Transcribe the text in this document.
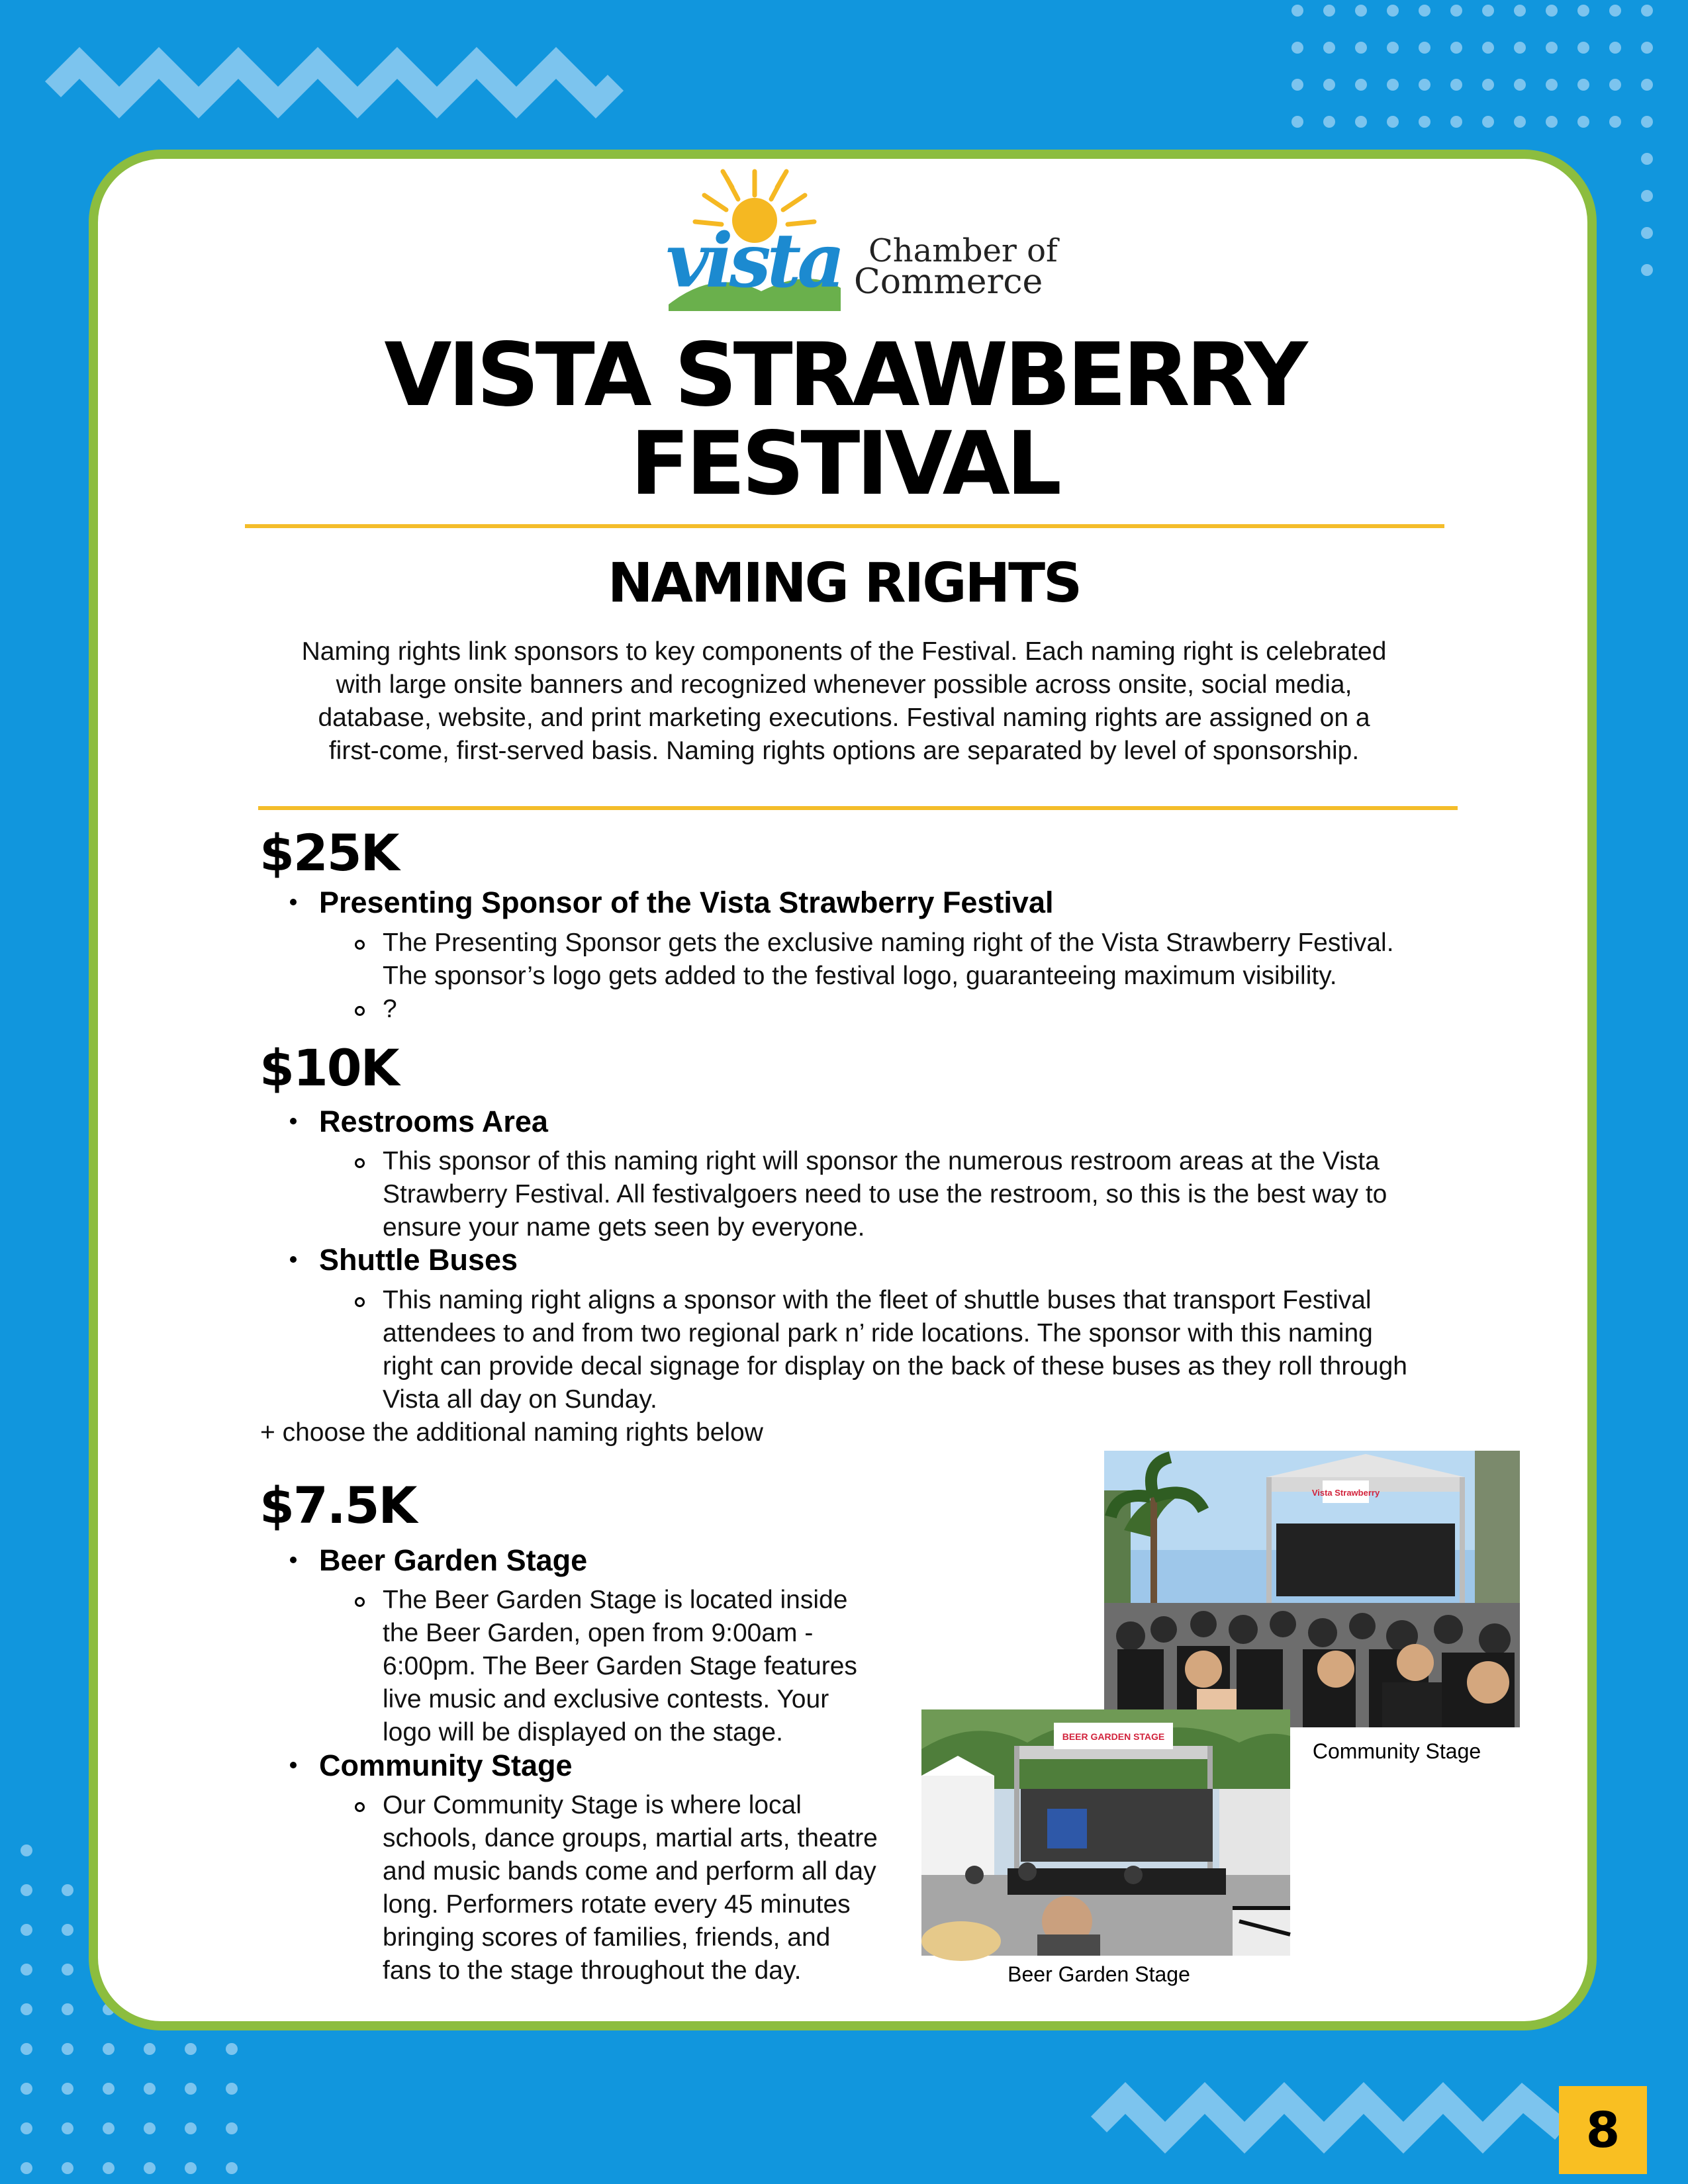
vista Chamber of
Commerce
VISTA STRAWBERRY
FESTIVAL
NAMING RIGHTS

Naming rights link sponsors to key components of the Festival. Each naming right is celebrated
with large onsite banners and recognized whenever possible across onsite, social media,
database, website, and print marketing executions. Festival naming rights are assigned on a
first-come, first-served basis. Naming rights options are separated by level of sponsorship.

$25K
Presenting Sponsor of the Vista Strawberry Festival
The Presenting Sponsor gets the exclusive naming right of the Vista Strawberry Festival.
The sponsor’s logo gets added to the festival logo, guaranteeing maximum visibility.
?
$10K
Restrooms Area
This sponsor of this naming right will sponsor the numerous restroom areas at the Vista
Strawberry Festival. All festivalgoers need to use the restroom, so this is the best way to
ensure your name gets seen by everyone.
Shuttle Buses
This naming right aligns a sponsor with the fleet of shuttle buses that transport Festival
attendees to and from two regional park n’ ride locations. The sponsor with this naming
right can provide decal signage for display on the back of these buses as they roll through
Vista all day on Sunday.
+ choose the additional naming rights below
$7.5K
Beer Garden Stage
The Beer Garden Stage is located inside
the Beer Garden, open from 9:00am -
6:00pm. The Beer Garden Stage features
live music and exclusive contests. Your
logo will be displayed on the stage.
Community Stage
Our Community Stage is where local
schools, dance groups, martial arts, theatre
and music bands come and perform all day
long. Performers rotate every 45 minutes
bringing scores of families, friends, and
fans to the stage throughout the day.
Vista Strawberry
Community Stage
BEER GARDEN STAGE
Beer Garden Stage
8
